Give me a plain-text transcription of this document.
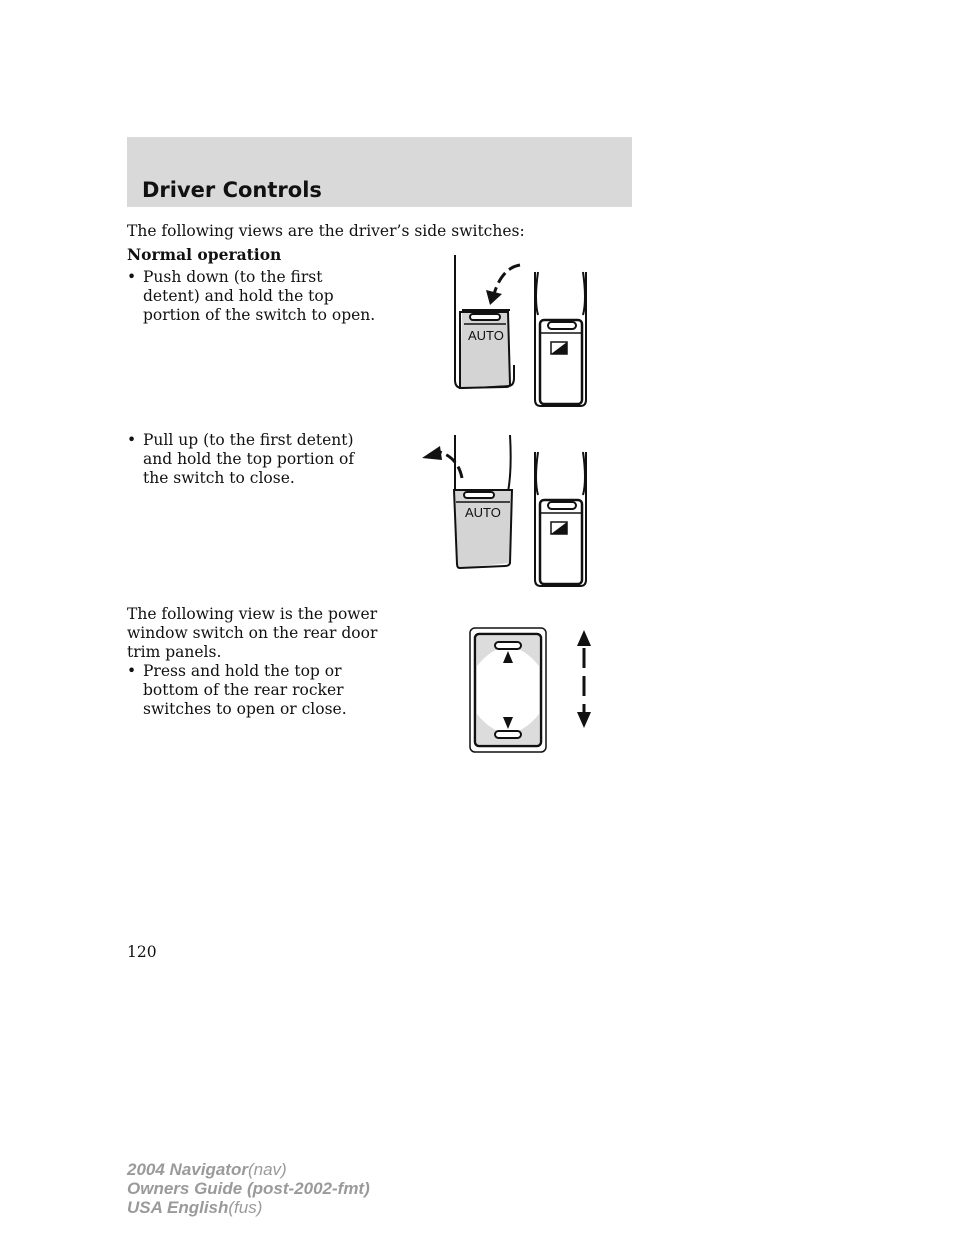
Driver Controls
The following views are the driver’s side switches:
Normal operation
• Push down (to the first detent) and hold the top portion of the switch to open.
• Pull up (to the first detent) and hold the top portion of the switch to close.
The following view is the power window switch on the rear door trim panels.
• Press and hold the top or bottom of the rear rocker switches to open or close.
AUTO
AUTO
120
2004 Navigator(nav)
Owners Guide (post-2002-fmt)
USA English(fus)
